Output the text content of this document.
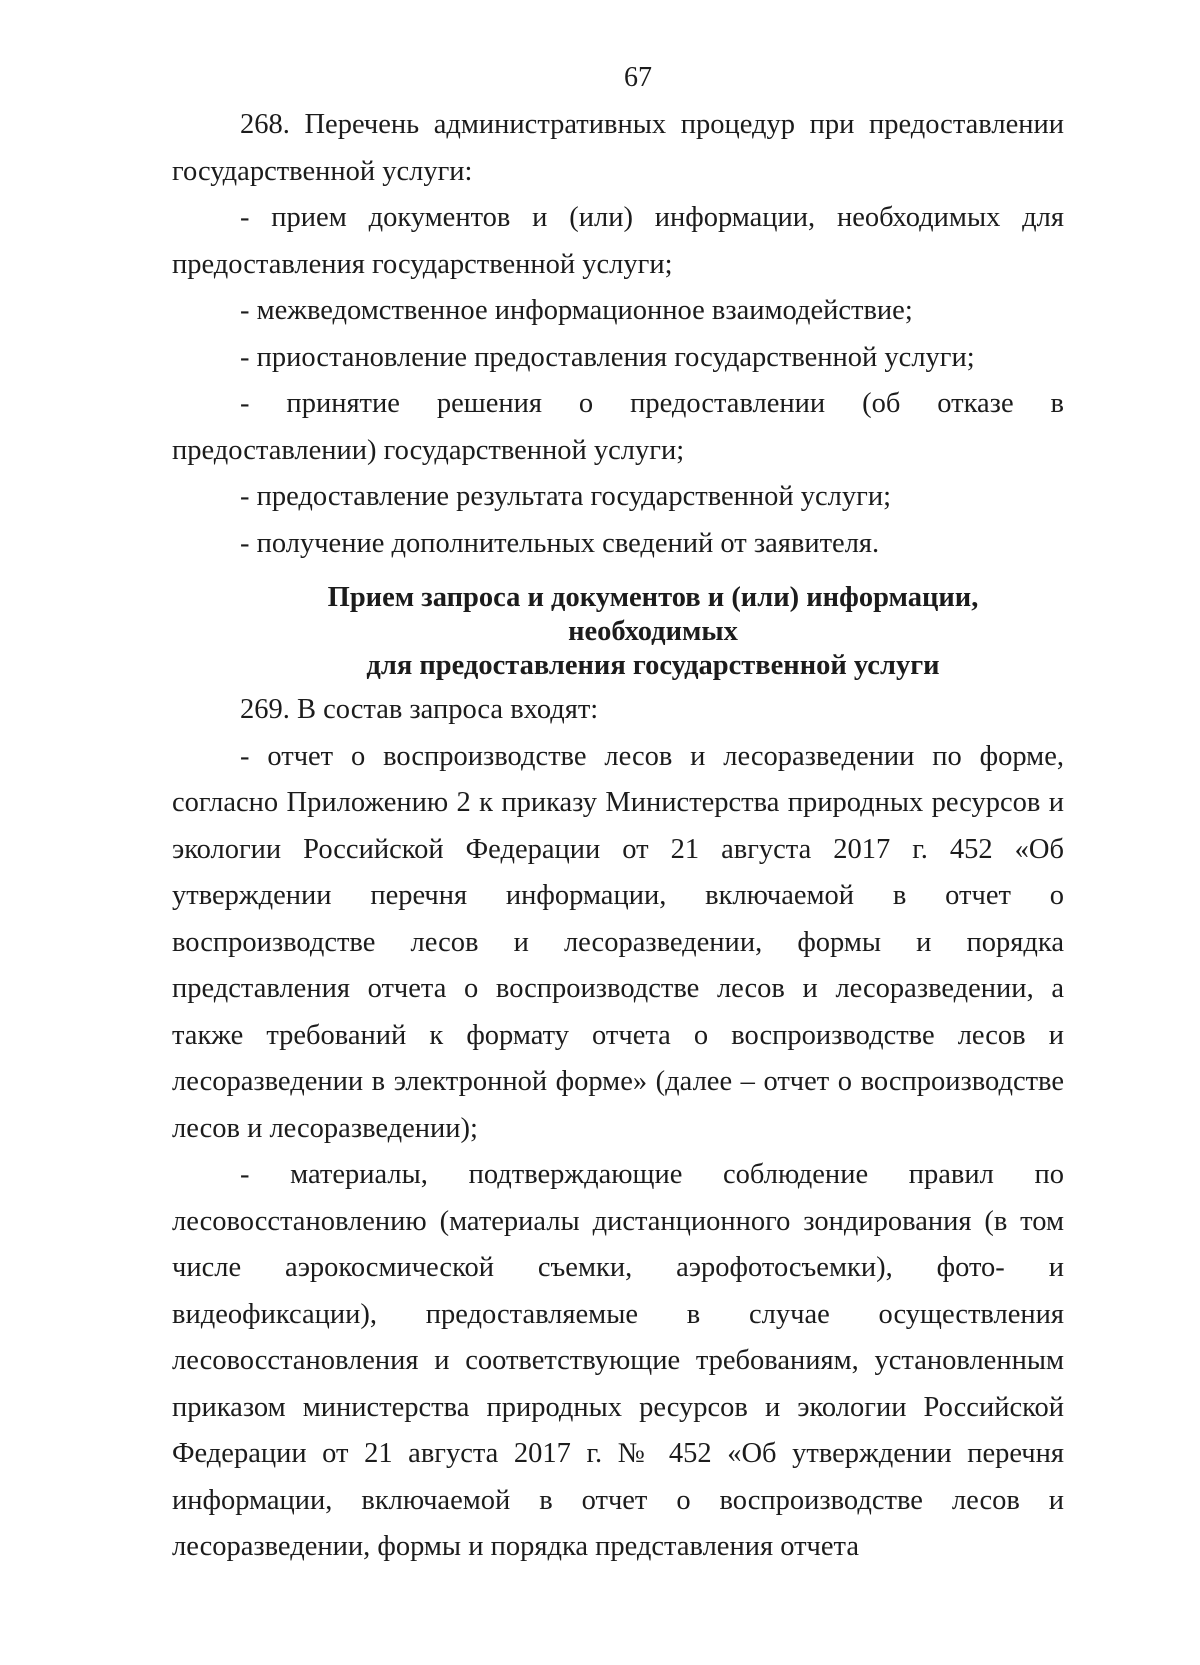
67

268. Перечень административных процедур при предоставлении государственной услуги:

- прием документов и (или) информации, необходимых для предоставления государственной услуги;

- межведомственное информационное взаимодействие;

- приостановление предоставления государственной услуги;

- принятие решения о предоставлении (об отказе в предоставлении) государственной услуги;

- предоставление результата государственной услуги;

- получение дополнительных сведений от заявителя.

Прием запроса и документов и (или) информации, необходимых
для предоставления государственной услуги

269. В состав запроса входят:

- отчет о воспроизводстве лесов и лесоразведении по форме, согласно Приложению 2 к приказу Министерства природных ресурсов и экологии Российской Федерации от 21 августа 2017 г. 452 «Об утверждении перечня информации, включаемой в отчет о воспроизводстве лесов и лесоразведении, формы и порядка представления отчета о воспроизводстве лесов и лесоразведении, а также требований к формату отчета о воспроизводстве лесов и лесоразведении в электронной форме» (далее – отчет о воспроизводстве лесов и лесоразведении);

- материалы, подтверждающие соблюдение правил по лесовосстановлению (материалы дистанционного зондирования (в том числе аэрокосмической съемки, аэрофотосъемки), фото- и видеофиксации), предоставляемые в случае осуществления лесовосстановления и соответствующие требованиям, установленным приказом министерства природных ресурсов и экологии Российской Федерации от 21 августа 2017 г. № 452 «Об утверждении перечня информации, включаемой в отчет о воспроизводстве лесов и лесоразведении, формы и порядка представления отчета
